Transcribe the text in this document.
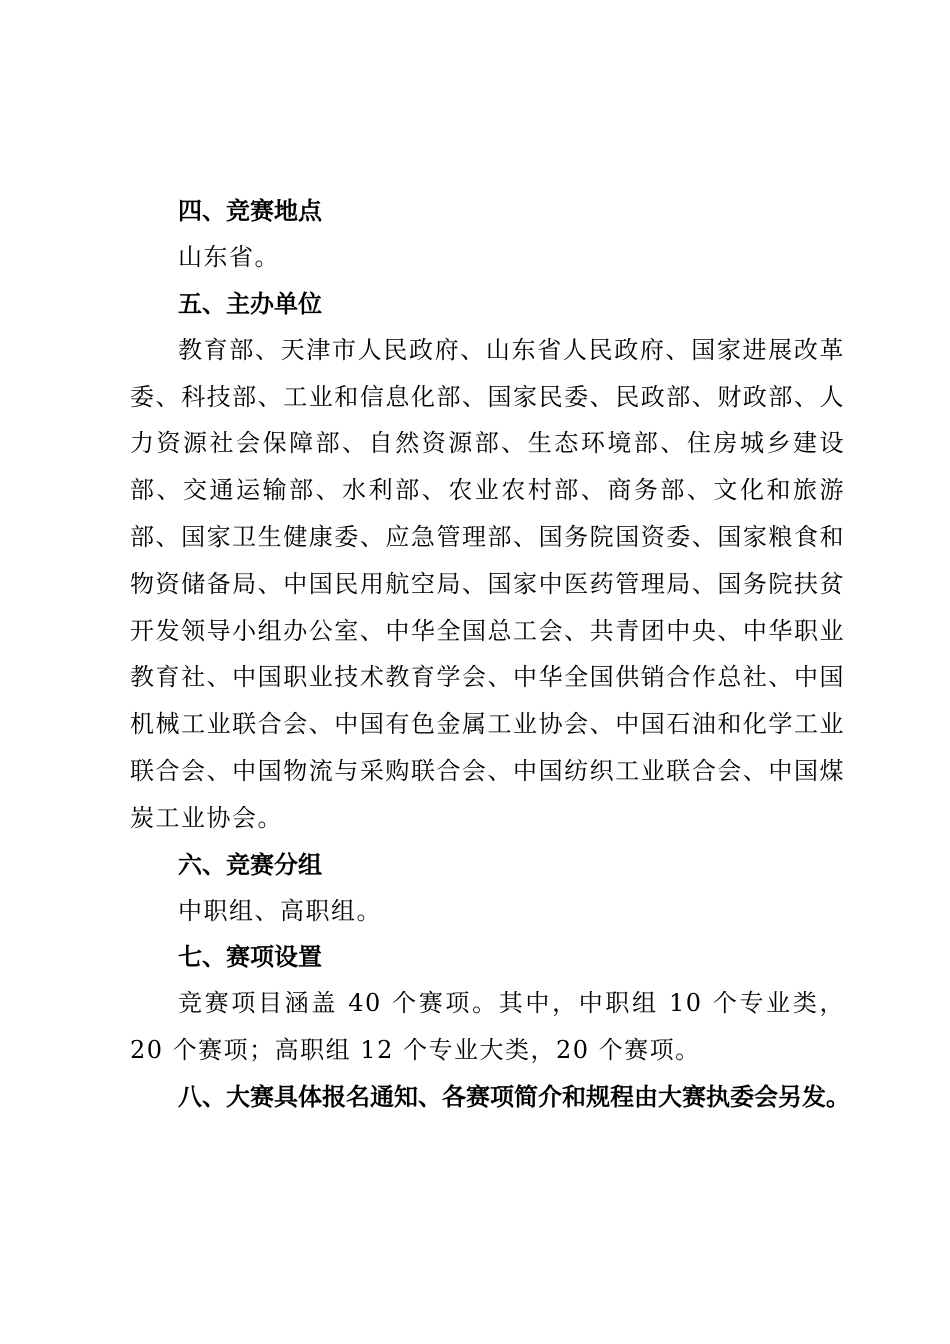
四、竞赛地点

山东省。

五、主办单位

教育部、天津市人民政府、山东省人民政府、国家进展改革委、科技部、工业和信息化部、国家民委、民政部、财政部、人力资源社会保障部、自然资源部、生态环境部、住房城乡建设部、交通运输部、水利部、农业农村部、商务部、文化和旅游部、国家卫生健康委、应急管理部、国务院国资委、国家粮食和物资储备局、中国民用航空局、国家中医药管理局、国务院扶贫开发领导小组办公室、中华全国总工会、共青团中央、中华职业教育社、中国职业技术教育学会、中华全国供销合作总社、中国机械工业联合会、中国有色金属工业协会、中国石油和化学工业联合会、中国物流与采购联合会、中国纺织工业联合会、中国煤炭工业协会。

六、竞赛分组

中职组、高职组。

七、赛项设置

竞赛项目涵盖 40 个赛项。其中，中职组 10 个专业类，20 个赛项；高职组 12 个专业大类，20 个赛项。

八、大赛具体报名通知、各赛项简介和规程由大赛执委会另发。
